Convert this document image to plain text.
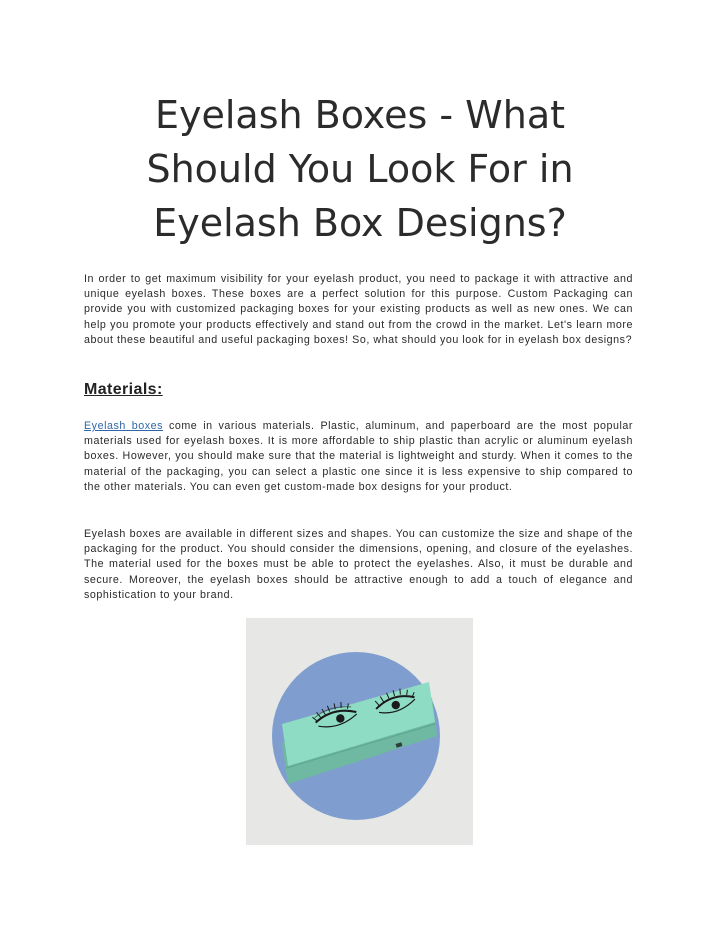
Eyelash Boxes - What Should You Look For in Eyelash Box Designs?

In order to get maximum visibility for your eyelash product, you need to package it with attractive and unique eyelash boxes. These boxes are a perfect solution for this purpose. Custom Packaging can provide you with customized packaging boxes for your existing products as well as new ones. We can help you promote your products effectively and stand out from the crowd in the market. Let's learn more about these beautiful and useful packaging boxes! So, what should you look for in eyelash box designs?

Materials:

Eyelash boxes come in various materials. Plastic, aluminum, and paperboard are the most popular materials used for eyelash boxes. It is more affordable to ship plastic than acrylic or aluminum eyelash boxes. However, you should make sure that the material is lightweight and sturdy. When it comes to the material of the packaging, you can select a plastic one since it is less expensive to ship compared to the other materials. You can even get custom-made box designs for your product.

Eyelash boxes are available in different sizes and shapes. You can customize the size and shape of the packaging for the product. You should consider the dimensions, opening, and closure of the eyelashes. The material used for the boxes must be able to protect the eyelashes. Also, it must be durable and secure. Moreover, the eyelash boxes should be attractive enough to add a touch of elegance and sophistication to your brand.
